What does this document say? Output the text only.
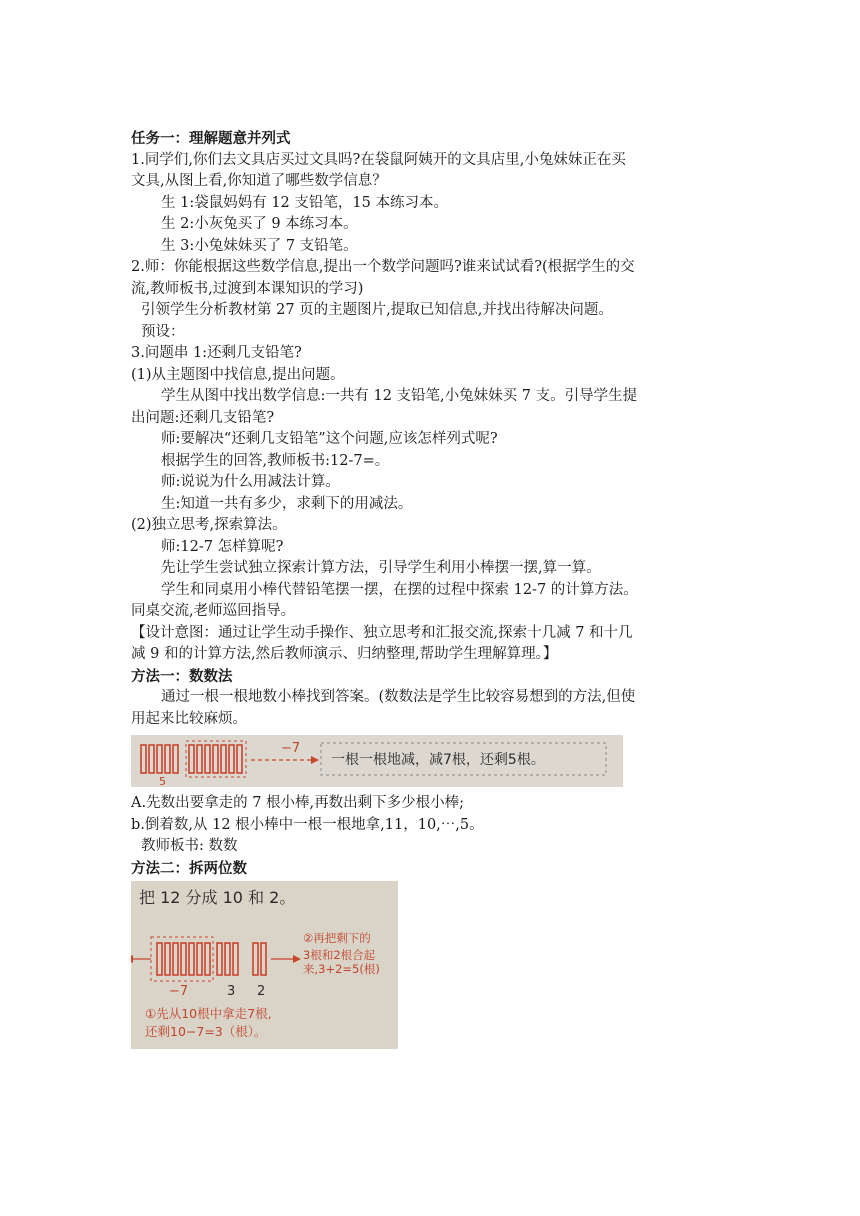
任务一：理解题意并列式

1.同学们,你们去文具店买过文具吗?在袋鼠阿姨开的文具店里,小兔妹妹正在买

文具,从图上看,你知道了哪些数学信息？

生 1:袋鼠妈妈有 12 支铅笔，15 本练习本。

生 2:小灰兔买了 9 本练习本。

生 3:小兔妹妹买了 7 支铅笔。

2.师：你能根据这些数学信息,提出一个数学问题吗?谁来试试看?(根据学生的交

流,教师板书,过渡到本课知识的学习)

引领学生分析教材第 27 页的主题图片,提取已知信息,并找出待解决问题。

预设：

3.问题串 1:还剩几支铅笔?

(1)从主题图中找信息,提出问题。

学生从图中找出数学信息:一共有 12 支铅笔,小兔妹妹买 7 支。引导学生提

出问题:还剩几支铅笔?

师:要解决“还剩几支铅笔”这个问题,应该怎样列式呢?

根据学生的回答,教师板书:12-7=。

师:说说为什么用减法计算。

生:知道一共有多少，求剩下的用减法。

(2)独立思考,探索算法。

师:12-7 怎样算呢?

先让学生尝试独立探索计算方法，引导学生利用小棒摆一摆,算一算。

学生和同桌用小棒代替铅笔摆一摆，在摆的过程中探索 12-7 的计算方法。

同桌交流,老师巡回指导。

【设计意图：通过让学生动手操作、独立思考和汇报交流,探索十几减 7 和十几

减 9 和的计算方法,然后教师演示、归纳整理,帮助学生理解算理。】

方法一：数数法

通过一根一根地数小棒找到答案。(数数法是学生比较容易想到的方法,但使

用起来比较麻烦。

−7
5
一根一根地减，减7根，还剩5根。

A.先数出要拿走的 7 根小棒,再数出剩下多少根小棒;

b.倒着数,从 12 根小棒中一根一根地拿,11，10,⋯,5。

教师板书: 数数

方法二：拆两位数

把 12 分成 10 和 2。
−7	3 2
②再把剩下的
3根和2根合起
来,3+2=5(根)
①先从10根中拿走7根,
还剩10−7=3（根）。
